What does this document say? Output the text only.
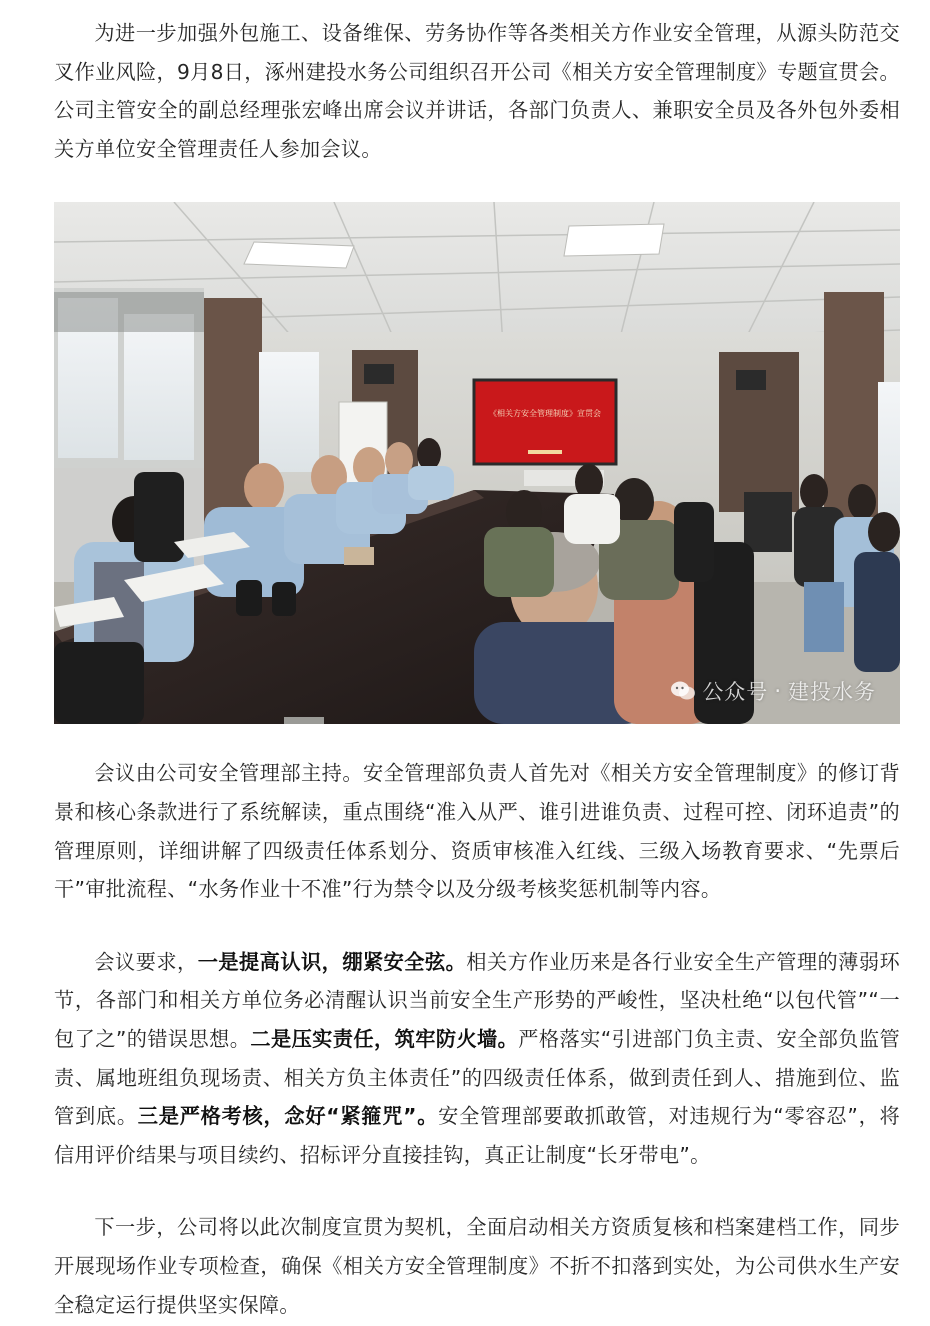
为进一步加强外包施工、设备维保、劳务协作等各类相关方作业安全管理，从源头防范交叉作业风险，9月8日，涿州建投水务公司组织召开公司《相关方安全管理制度》专题宣贯会。公司主管安全的副总经理张宏峰出席会议并讲话，各部门负责人、兼职安全员及各外包外委相关方单位安全管理责任人参加会议。

《相关方安全管理制度》宣贯会
公众号 · 建投水务

会议由公司安全管理部主持。安全管理部负责人首先对《相关方安全管理制度》的修订背景和核心条款进行了系统解读，重点围绕“准入从严、谁引进谁负责、过程可控、闭环追责”的管理原则，详细讲解了四级责任体系划分、资质审核准入红线、三级入场教育要求、“先票后干”审批流程、“水务作业十不准”行为禁令以及分级考核奖惩机制等内容。

会议要求，一是提高认识，绷紧安全弦。相关方作业历来是各行业安全生产管理的薄弱环节，各部门和相关方单位务必清醒认识当前安全生产形势的严峻性，坚决杜绝“以包代管”“一包了之”的错误思想。二是压实责任，筑牢防火墙。严格落实“引进部门负主责、安全部负监管责、属地班组负现场责、相关方负主体责任”的四级责任体系，做到责任到人、措施到位、监管到底。三是严格考核，念好“紧箍咒”。安全管理部要敢抓敢管，对违规行为“零容忍”，将信用评价结果与项目续约、招标评分直接挂钩，真正让制度“长牙带电”。

下一步，公司将以此次制度宣贯为契机，全面启动相关方资质复核和档案建档工作，同步开展现场作业专项检查，确保《相关方安全管理制度》不折不扣落到实处，为公司供水生产安全稳定运行提供坚实保障。
